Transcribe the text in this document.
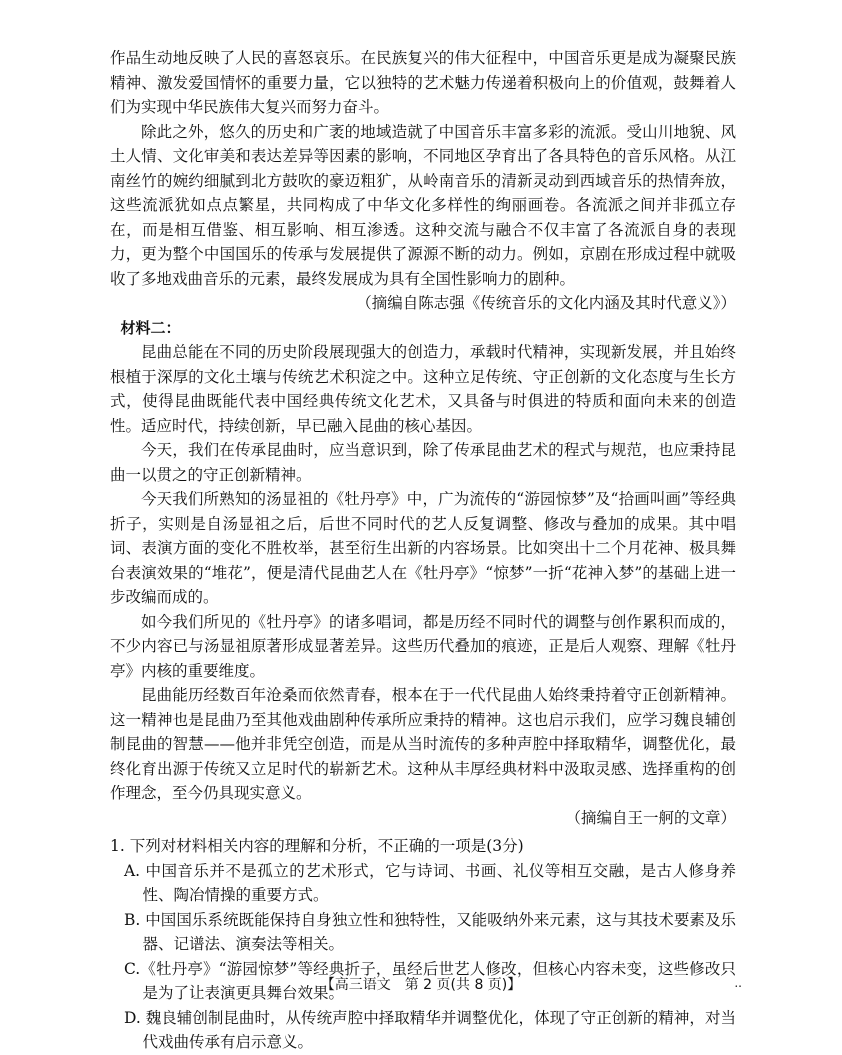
作品生动地反映了人民的喜怒哀乐。在民族复兴的伟大征程中，中国音乐更是成为凝聚民族精神、激发爱国情怀的重要力量，它以独特的艺术魅力传递着积极向上的价值观，鼓舞着人们为实现中华民族伟大复兴而努力奋斗。

除此之外，悠久的历史和广袤的地域造就了中国音乐丰富多彩的流派。受山川地貌、风土人情、文化审美和表达差异等因素的影响，不同地区孕育出了各具特色的音乐风格。从江南丝竹的婉约细腻到北方鼓吹的豪迈粗犷，从岭南音乐的清新灵动到西域音乐的热情奔放，这些流派犹如点点繁星，共同构成了中华文化多样性的绚丽画卷。各流派之间并非孤立存在，而是相互借鉴、相互影响、相互渗透。这种交流与融合不仅丰富了各流派自身的表现力，更为整个中国国乐的传承与发展提供了源源不断的动力。例如，京剧在形成过程中就吸收了多地戏曲音乐的元素，最终发展成为具有全国性影响力的剧种。

（摘编自陈志强《传统音乐的文化内涵及其时代意义》）

材料二：

昆曲总能在不同的历史阶段展现强大的创造力，承载时代精神，实现新发展，并且始终根植于深厚的文化土壤与传统艺术积淀之中。这种立足传统、守正创新的文化态度与生长方式，使得昆曲既能代表中国经典传统文化艺术，又具备与时俱进的特质和面向未来的创造性。适应时代，持续创新，早已融入昆曲的核心基因。

今天，我们在传承昆曲时，应当意识到，除了传承昆曲艺术的程式与规范，也应秉持昆曲一以贯之的守正创新精神。

今天我们所熟知的汤显祖的《牡丹亭》中，广为流传的“游园惊梦”及“拾画叫画”等经典折子，实则是自汤显祖之后，后世不同时代的艺人反复调整、修改与叠加的成果。其中唱词、表演方面的变化不胜枚举，甚至衍生出新的内容场景。比如突出十二个月花神、极具舞台表演效果的“堆花”，便是清代昆曲艺人在《牡丹亭》“惊梦”一折“花神入梦”的基础上进一步改编而成的。

如今我们所见的《牡丹亭》的诸多唱词，都是历经不同时代的调整与创作累积而成的，不少内容已与汤显祖原著形成显著差异。这些历代叠加的痕迹，正是后人观察、理解《牡丹亭》内核的重要维度。

昆曲能历经数百年沧桑而依然青春，根本在于一代代昆曲人始终秉持着守正创新精神。这一精神也是昆曲乃至其他戏曲剧种传承所应秉持的精神。这也启示我们，应学习魏良辅创制昆曲的智慧——他并非凭空创造，而是从当时流传的多种声腔中择取精华，调整优化，最终化育出源于传统又立足时代的崭新艺术。这种从丰厚经典材料中汲取灵感、选择重构的创作理念，至今仍具现实意义。

（摘编自王一舸的文章）

1. 下列对材料相关内容的理解和分析，不正确的一项是(3分)

A. 中国音乐并不是孤立的艺术形式，它与诗词、书画、礼仪等相互交融，是古人修身养性、陶冶情操的重要方式。

B. 中国国乐系统既能保持自身独立性和独特性，又能吸纳外来元素，这与其技术要素及乐器、记谱法、演奏法等相关。

C.《牡丹亭》“游园惊梦”等经典折子，虽经后世艺人修改，但核心内容未变，这些修改只是为了让表演更具舞台效果。

D. 魏良辅创制昆曲时，从传统声腔中择取精华并调整优化，体现了守正创新的精神，对当代戏曲传承有启示意义。

【高三语文　第 2 页(共 8 页)】	..
